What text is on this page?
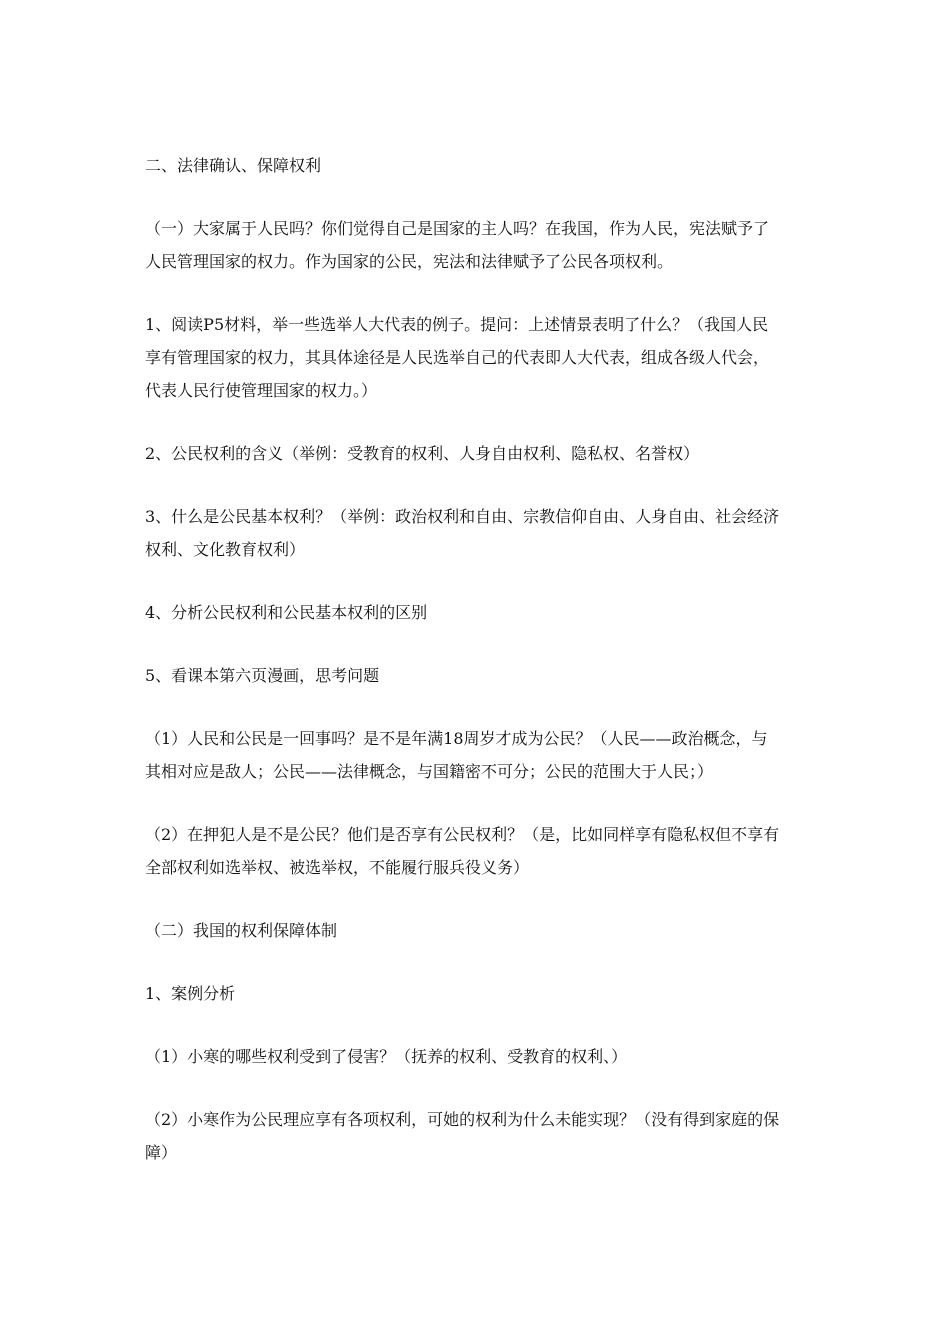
二、法律确认、保障权利

（一）大家属于人民吗？你们觉得自己是国家的主人吗？在我国，作为人民，宪法赋予了

人民管理国家的权力。作为国家的公民，宪法和法律赋予了公民各项权利。

1、阅读P5材料，举一些选举人大代表的例子。提问：上述情景表明了什么？（我国人民

享有管理国家的权力，其具体途径是人民选举自己的代表即人大代表，组成各级人代会，

代表人民行使管理国家的权力。）

2、公民权利的含义（举例：受教育的权利、人身自由权利、隐私权、名誉权）

3、什么是公民基本权利？（举例：政治权利和自由、宗教信仰自由、人身自由、社会经济

权利、文化教育权利）

4、分析公民权利和公民基本权利的区别

5、看课本第六页漫画，思考问题

（1）人民和公民是一回事吗？是不是年满18周岁才成为公民？（人民——政治概念，与

其相对应是敌人；公民——法律概念，与国籍密不可分；公民的范围大于人民；）

（2）在押犯人是不是公民？他们是否享有公民权利？（是，比如同样享有隐私权但不享有

全部权利如选举权、被选举权，不能履行服兵役义务）

（二）我国的权利保障体制

1、案例分析

（1）小寒的哪些权利受到了侵害？（抚养的权利、受教育的权利、）

（2）小寒作为公民理应享有各项权利，可她的权利为什么未能实现？（没有得到家庭的保

障）
